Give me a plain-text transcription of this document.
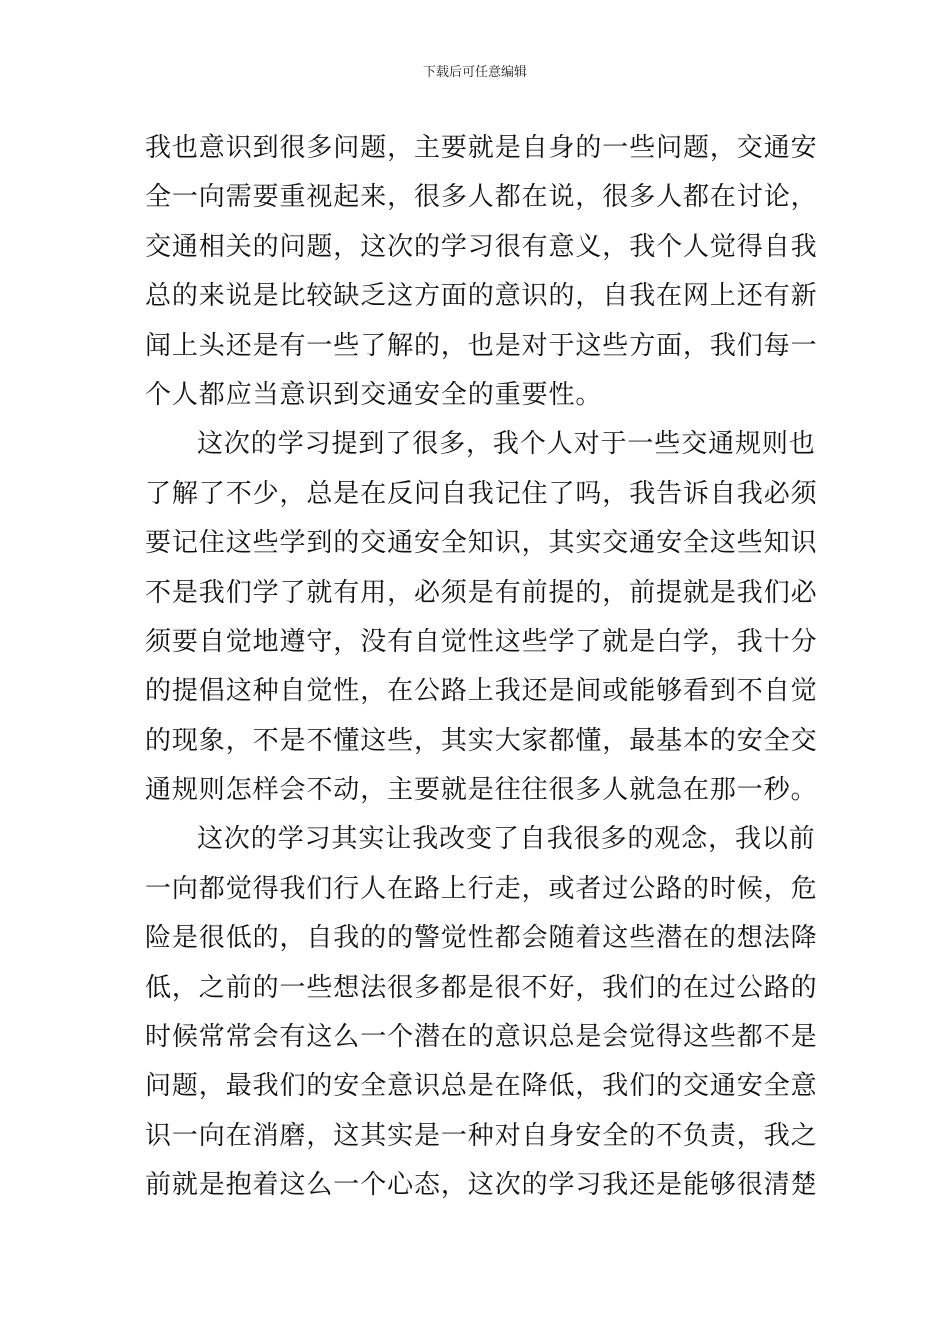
下载后可任意编辑
我也意识到很多问题，主要就是自身的一些问题，交通安
全一向需要重视起来，很多人都在说，很多人都在讨论，
交通相关的问题，这次的学习很有意义，我个人觉得自我
总的来说是比较缺乏这方面的意识的，自我在网上还有新
闻上头还是有一些了解的，也是对于这些方面，我们每一
个人都应当意识到交通安全的重要性。
这次的学习提到了很多，我个人对于一些交通规则也
了解了不少，总是在反问自我记住了吗，我告诉自我必须
要记住这些学到的交通安全知识，其实交通安全这些知识
不是我们学了就有用，必须是有前提的，前提就是我们必
须要自觉地遵守，没有自觉性这些学了就是白学，我十分
的提倡这种自觉性，在公路上我还是间或能够看到不自觉
的现象，不是不懂这些，其实大家都懂，最基本的安全交
通规则怎样会不动，主要就是往往很多人就急在那一秒。
这次的学习其实让我改变了自我很多的观念，我以前
一向都觉得我们行人在路上行走，或者过公路的时候，危
险是很低的，自我的的警觉性都会随着这些潜在的想法降
低，之前的一些想法很多都是很不好，我们的在过公路的
时候常常会有这么一个潜在的意识总是会觉得这些都不是
问题，最我们的安全意识总是在降低，我们的交通安全意
识一向在消磨，这其实是一种对自身安全的不负责，我之
前就是抱着这么一个心态，这次的学习我还是能够很清楚
